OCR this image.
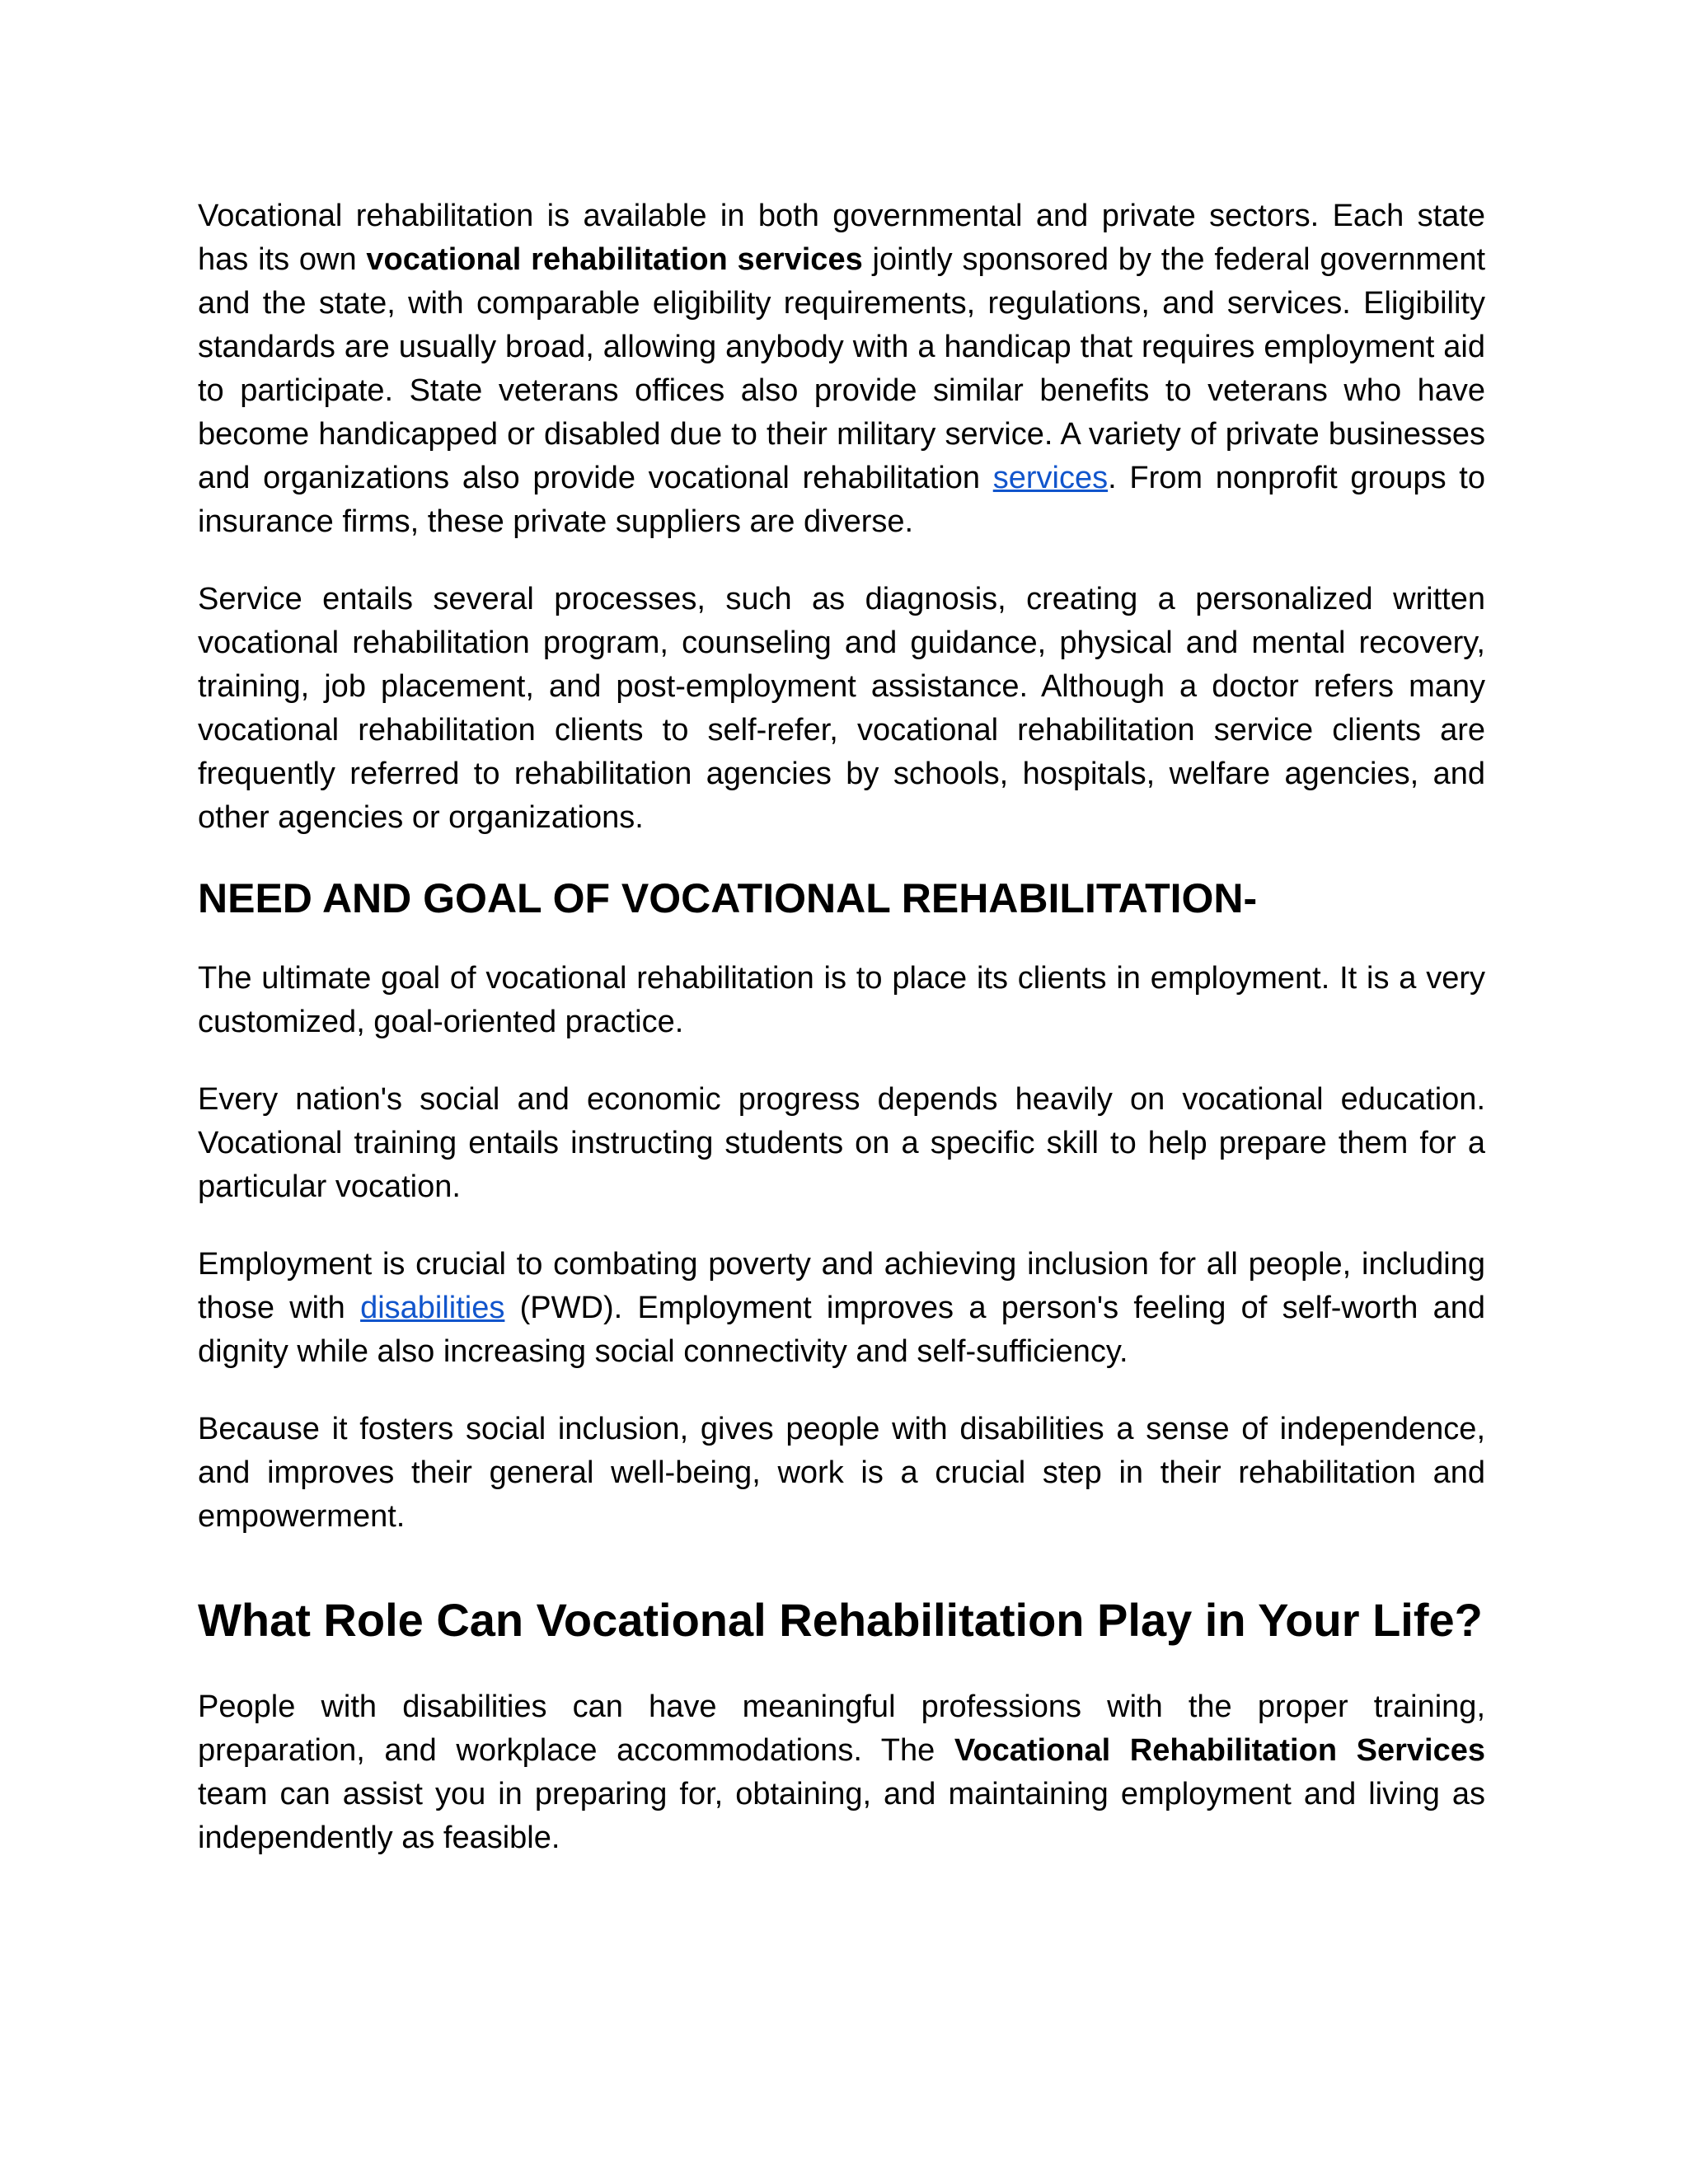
Vocational rehabilitation is available in both governmental and private sectors. Each state has its own vocational rehabilitation services jointly sponsored by the federal government and the state, with comparable eligibility requirements, regulations, and services. Eligibility standards are usually broad, allowing anybody with a handicap that requires employment aid to participate. State veterans offices also provide similar benefits to veterans who have become handicapped or disabled due to their military service. A variety of private businesses and organizations also provide vocational rehabilitation services. From nonprofit groups to insurance firms, these private suppliers are diverse.

Service entails several processes, such as diagnosis, creating a personalized written vocational rehabilitation program, counseling and guidance, physical and mental recovery, training, job placement, and post-employment assistance. Although a doctor refers many vocational rehabilitation clients to self-refer, vocational rehabilitation service clients are frequently referred to rehabilitation agencies by schools, hospitals, welfare agencies, and other agencies or organizations.

NEED AND GOAL OF VOCATIONAL REHABILITATION-

The ultimate goal of vocational rehabilitation is to place its clients in employment. It is a very customized, goal-oriented practice.

Every nation's social and economic progress depends heavily on vocational education. Vocational training entails instructing students on a specific skill to help prepare them for a particular vocation.

Employment is crucial to combating poverty and achieving inclusion for all people, including those with disabilities (PWD). Employment improves a person's feeling of self-worth and dignity while also increasing social connectivity and self-sufficiency.

Because it fosters social inclusion, gives people with disabilities a sense of independence, and improves their general well-being, work is a crucial step in their rehabilitation and empowerment.

What Role Can Vocational Rehabilitation Play in Your Life?

People with disabilities can have meaningful professions with the proper training, preparation, and workplace accommodations. The Vocational Rehabilitation Services team can assist you in preparing for, obtaining, and maintaining employment and living as independently as feasible.
